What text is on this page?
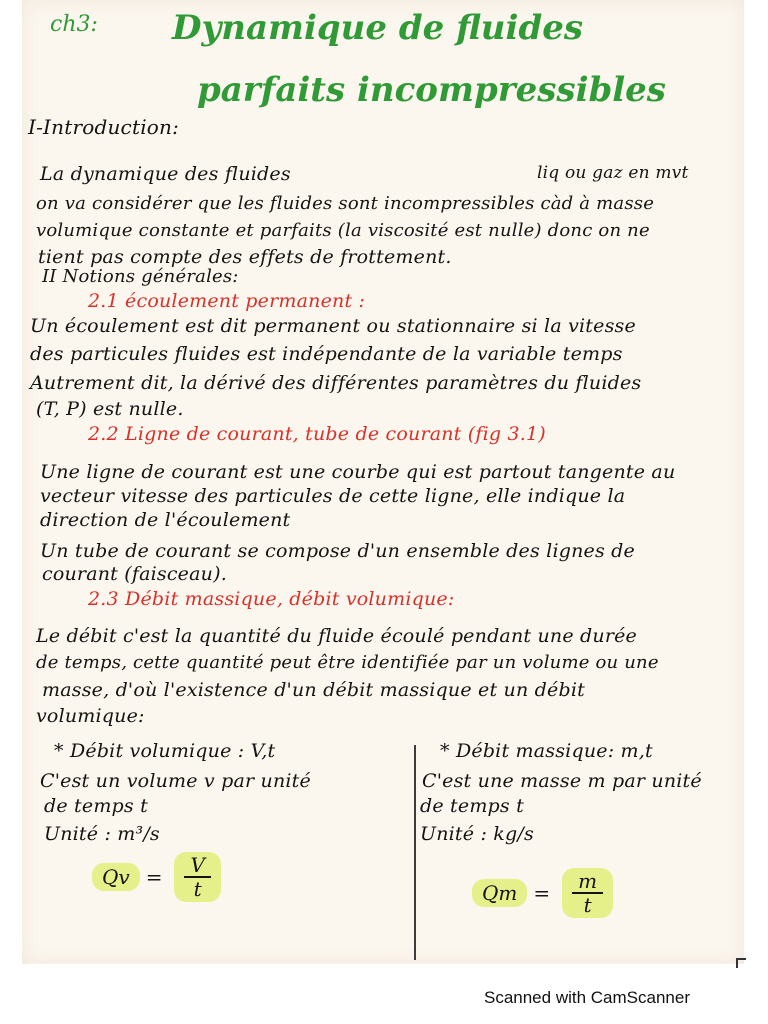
ch3: Dynamique de fluides
parfaits incompressibles
I-Introduction:
La dynamique des fluides	liq ou gaz en mvt
on va considérer que les fluides sont incompressibles càd à masse
volumique constante et parfaits (la viscosité est nulle) donc on ne
tient pas compte des effets de frottement.
II Notions générales:
2.1 écoulement permanent :
Un écoulement est dit permanent ou stationnaire si la vitesse
des particules fluides est indépendante de la variable temps
Autrement dit, la dérivé des différentes paramètres du fluides
(T, P) est nulle.
2.2 Ligne de courant, tube de courant (fig 3.1)
Une ligne de courant est une courbe qui est partout tangente au
vecteur vitesse des particules de cette ligne, elle indique la
direction de l'écoulement
Un tube de courant se compose d'un ensemble des lignes de
courant (faisceau).
2.3 Débit massique, débit volumique:
Le débit c'est la quantité du fluide écoulé pendant une durée
de temps, cette quantité peut être identifiée par un volume ou une
masse, d'où l'existence d'un débit massique et un débit
volumique:
* Débit volumique : V,t
C'est un volume v par unité
de temps t
Unité : m³/s
$Qv = \frac{V}{t}$
* Débit massique: m,t
C'est une masse m par unité
de temps t
Unité : kg/s
$Qm = \frac{m}{t}$
Scanned with CamScanner
